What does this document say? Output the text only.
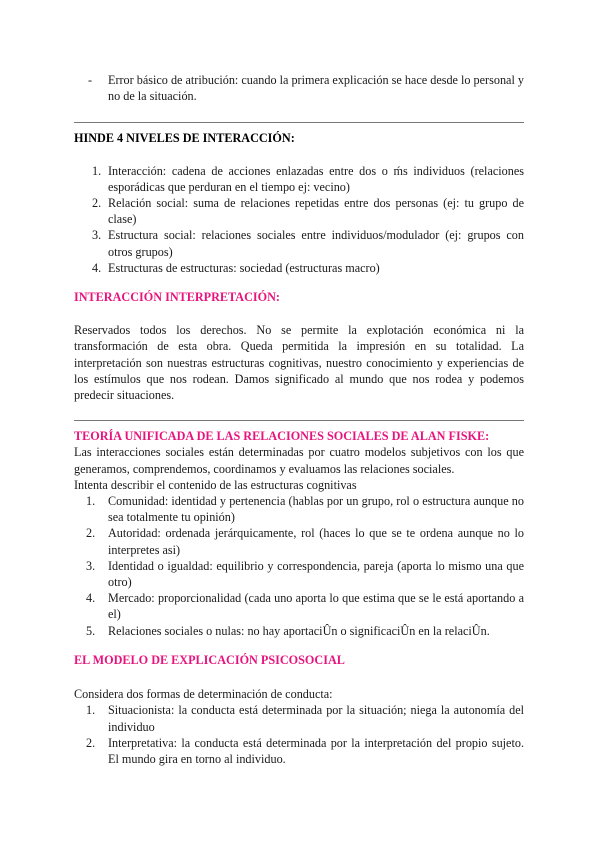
-	Error básico de atribución: cuando la primera explicación se hace desde lo personal y no de la situación.
HINDE 4 NIVELES DE INTERACCIÓN:
1. Interacción: cadena de acciones enlazadas entre dos o ḿs individuos (relaciones esporádicas que perduran en el tiempo ej: vecino)
2. Relación social: suma de relaciones repetidas entre dos personas (ej: tu grupo de clase)
3. Estructura social: relaciones sociales entre individuos/modulador (ej: grupos con otros grupos)
4. Estructuras de estructuras: sociedad (estructuras macro)
INTERACCIÓN INTERPRETACIÓN:

Reservados todos los derechos. No se permite la explotación económica ni la transformación de esta obra. Queda permitida la impresión en su totalidad. La interpretación son nuestras estructuras cognitivas, nuestro conocimiento y experiencias de los estímulos que nos rodean. Damos significado al mundo que nos rodea y podemos predecir situaciones.

TEORÍA UNIFICADA DE LAS RELACIONES SOCIALES DE ALAN FISKE:

Las interacciones sociales están determinadas por cuatro modelos subjetivos con los que generamos, comprendemos, coordinamos y evaluamos las relaciones sociales.

Intenta describir el contenido de las estructuras cognitivas

1.	Comunidad: identidad y pertenencia (hablas por un grupo, rol o estructura aunque no sea totalmente tu opinión)
2.	Autoridad: ordenada jerárquicamente, rol (haces lo que se te ordena aunque no lo interpretes asi)
3.	Identidad o igualdad: equilibrio y correspondencia, pareja (aporta lo mismo una que otro)
4.	Mercado: proporcionalidad (cada uno aporta lo que estima que se le está aportando a el)
5.	Relaciones sociales o nulas: no hay aportaciÛn o significaciÛn en la relaciÛn.
EL MODELO DE EXPLICACIÓN PSICOSOCIAL

Considera dos formas de determinación de conducta:

1.	Situacionista: la conducta está determinada por la situación; niega la autonomía del individuo
2.	Interpretativa: la conducta está determinada por la interpretación del propio sujeto. El mundo gira en torno al individuo.
